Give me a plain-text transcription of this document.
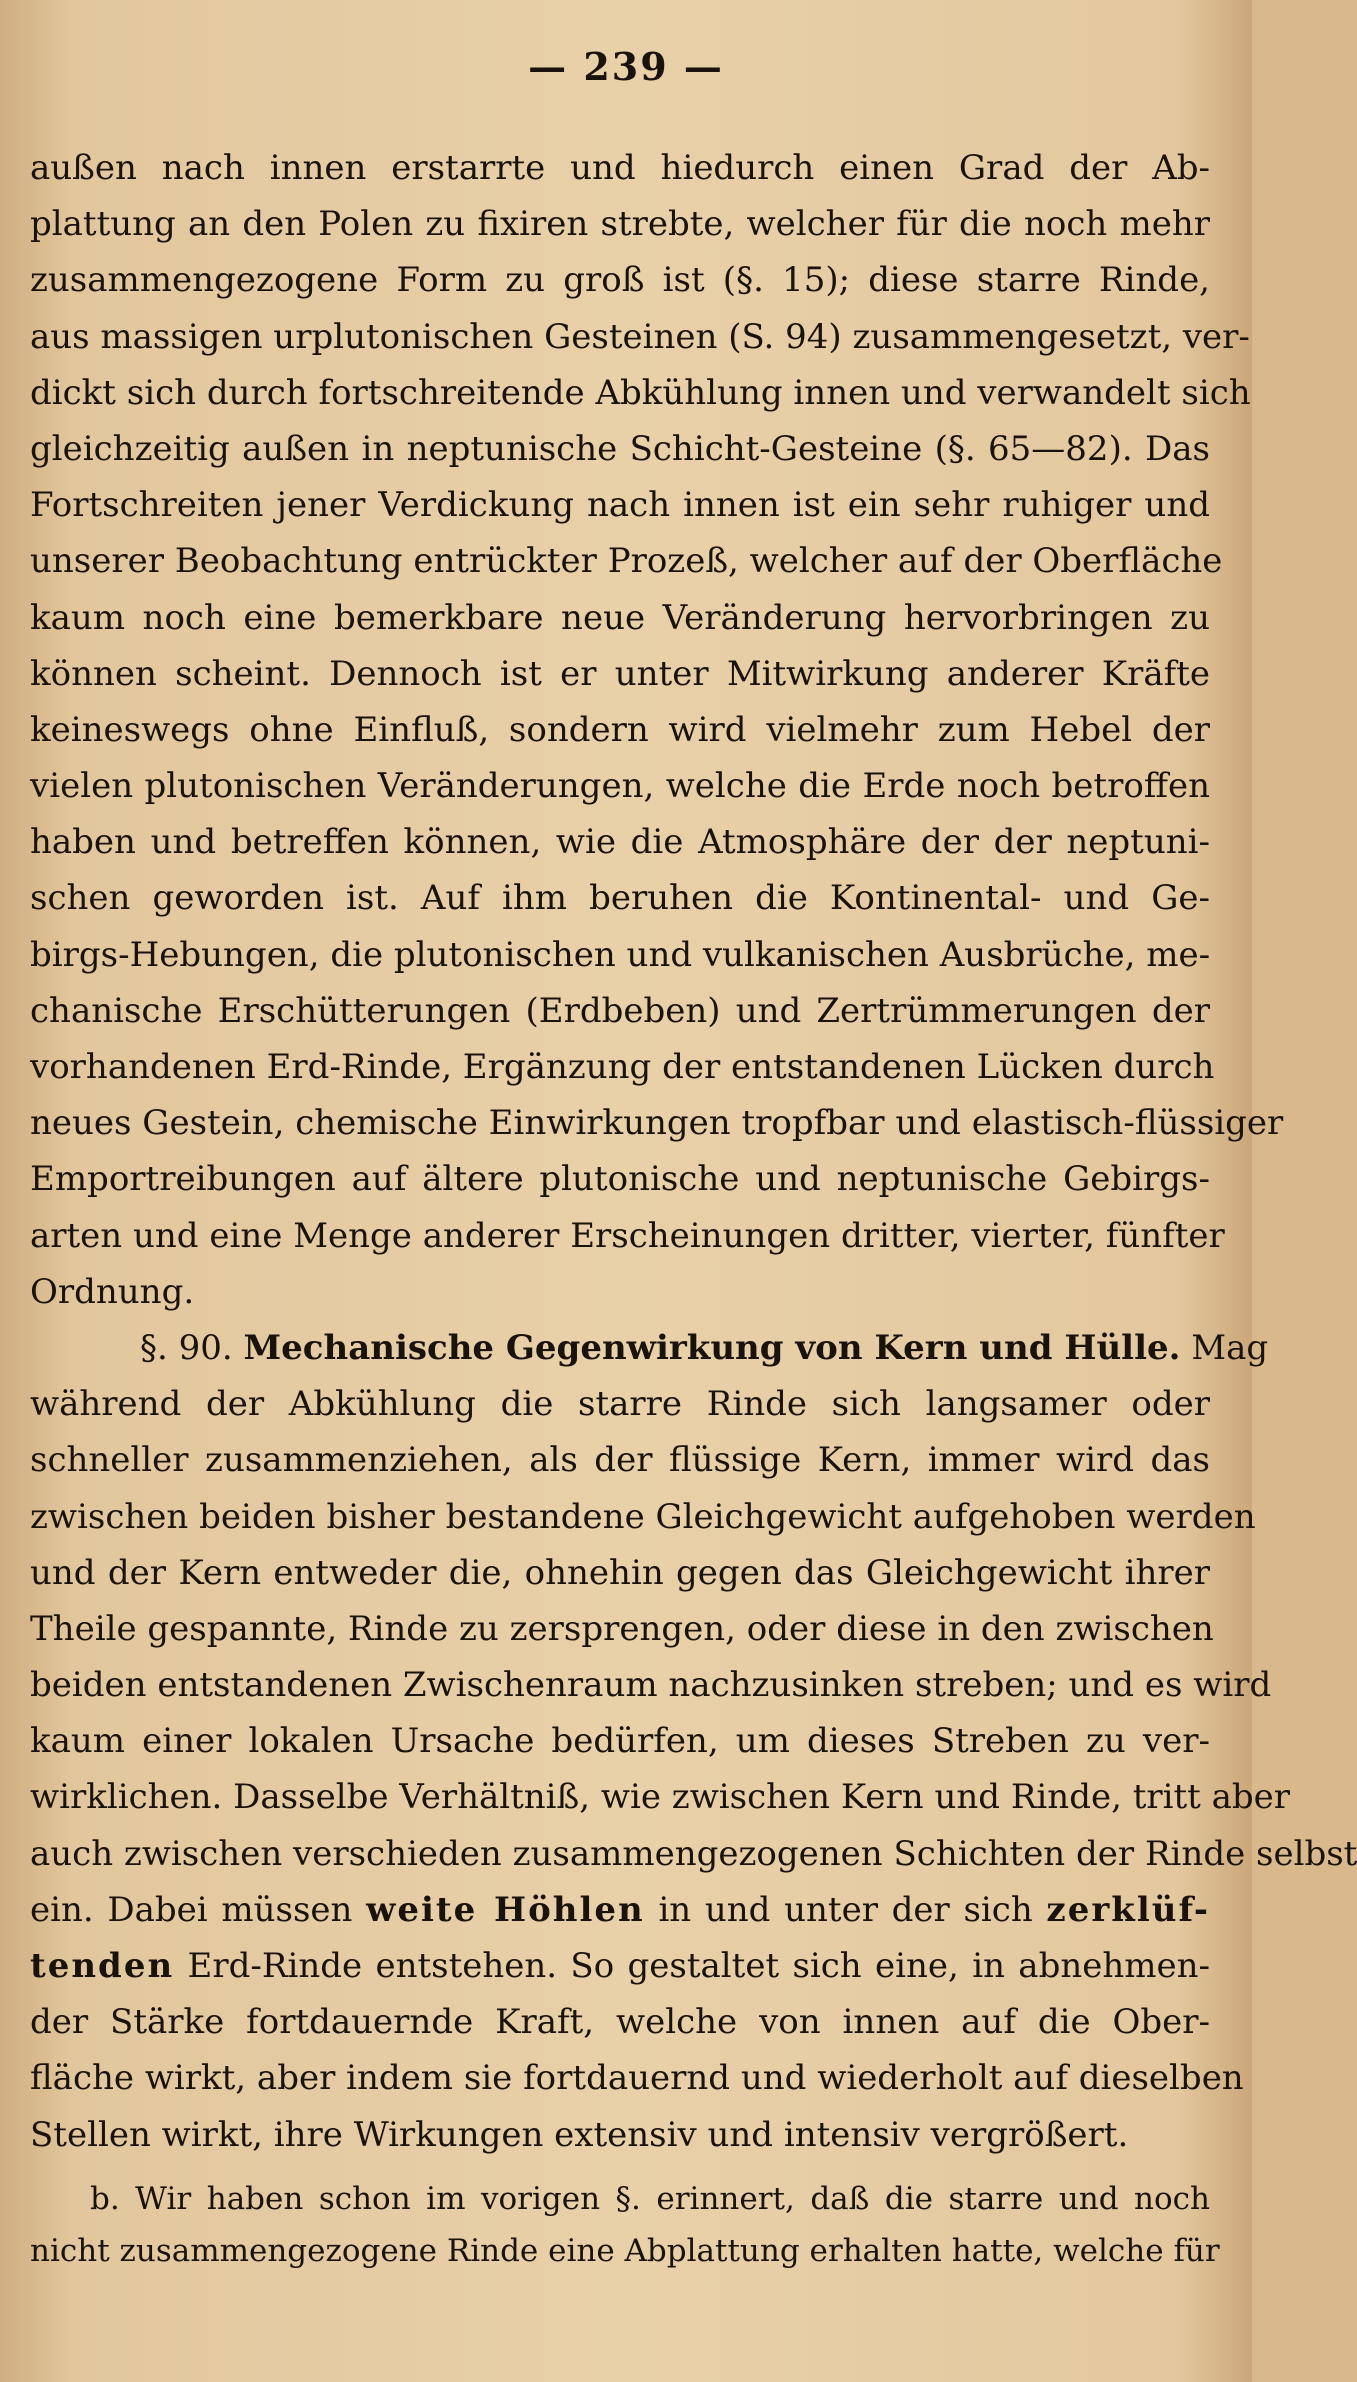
— 239 —
außen nach innen erstarrte und hiedurch einen Grad der Ab-
plattung an den Polen zu fixiren strebte, welcher für die noch mehr
zusammengezogene Form zu groß ist (§. 15); diese starre Rinde,
aus massigen urplutonischen Gesteinen (S. 94) zusammengesetzt, ver-
dickt sich durch fortschreitende Abkühlung innen und verwandelt sich
gleichzeitig außen in neptunische Schicht-Gesteine (§. 65—82). Das
Fortschreiten jener Verdickung nach innen ist ein sehr ruhiger und
unserer Beobachtung entrückter Prozeß, welcher auf der Oberfläche
kaum noch eine bemerkbare neue Veränderung hervorbringen zu
können scheint. Dennoch ist er unter Mitwirkung anderer Kräfte
keineswegs ohne Einfluß, sondern wird vielmehr zum Hebel der
vielen plutonischen Veränderungen, welche die Erde noch betroffen
haben und betreffen können, wie die Atmosphäre der der neptuni-
schen geworden ist. Auf ihm beruhen die Kontinental- und Ge-
birgs-Hebungen, die plutonischen und vulkanischen Ausbrüche, me-
chanische Erschütterungen (Erdbeben) und Zertrümmerungen der
vorhandenen Erd-Rinde, Ergänzung der entstandenen Lücken durch
neues Gestein, chemische Einwirkungen tropfbar und elastisch-flüssiger
Emportreibungen auf ältere plutonische und neptunische Gebirgs-
arten und eine Menge anderer Erscheinungen dritter, vierter, fünfter
Ordnung.
§. 90. Mechanische Gegenwirkung von Kern und Hülle. Mag
während der Abkühlung die starre Rinde sich langsamer oder
schneller zusammenziehen, als der flüssige Kern, immer wird das
zwischen beiden bisher bestandene Gleichgewicht aufgehoben werden
und der Kern entweder die, ohnehin gegen das Gleichgewicht ihrer
Theile gespannte, Rinde zu zersprengen, oder diese in den zwischen
beiden entstandenen Zwischenraum nachzusinken streben; und es wird
kaum einer lokalen Ursache bedürfen, um dieses Streben zu ver-
wirklichen. Dasselbe Verhältniß, wie zwischen Kern und Rinde, tritt aber
auch zwischen verschieden zusammengezogenen Schichten der Rinde selbst
ein. Dabei müssen weite Höhlen in und unter der sich zerklüf-
tenden Erd-Rinde entstehen. So gestaltet sich eine, in abnehmen-
der Stärke fortdauernde Kraft, welche von innen auf die Ober-
fläche wirkt, aber indem sie fortdauernd und wiederholt auf dieselben
Stellen wirkt, ihre Wirkungen extensiv und intensiv vergrößert.
b. Wir haben schon im vorigen §. erinnert, daß die starre und noch
nicht zusammengezogene Rinde eine Abplattung erhalten hatte, welche für
